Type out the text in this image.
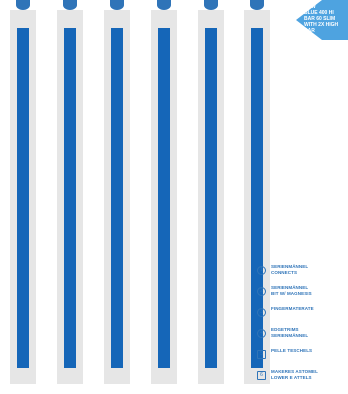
NEW
BLUE 400 HI
BAR 60 SLIM
WITH 2X HIGH
BAR
1
SERIENMÄNNEL
CONNECTS
2
SERIENMÄNNEL
BIT W/ MAGNESIS
3
FINGERMATERATE
4
EDGETRIMS
SERIENMÄNNEL
5
PELLE TESCHELS
6
MAKERES ASTOMEL
LOWER E ATTELS
